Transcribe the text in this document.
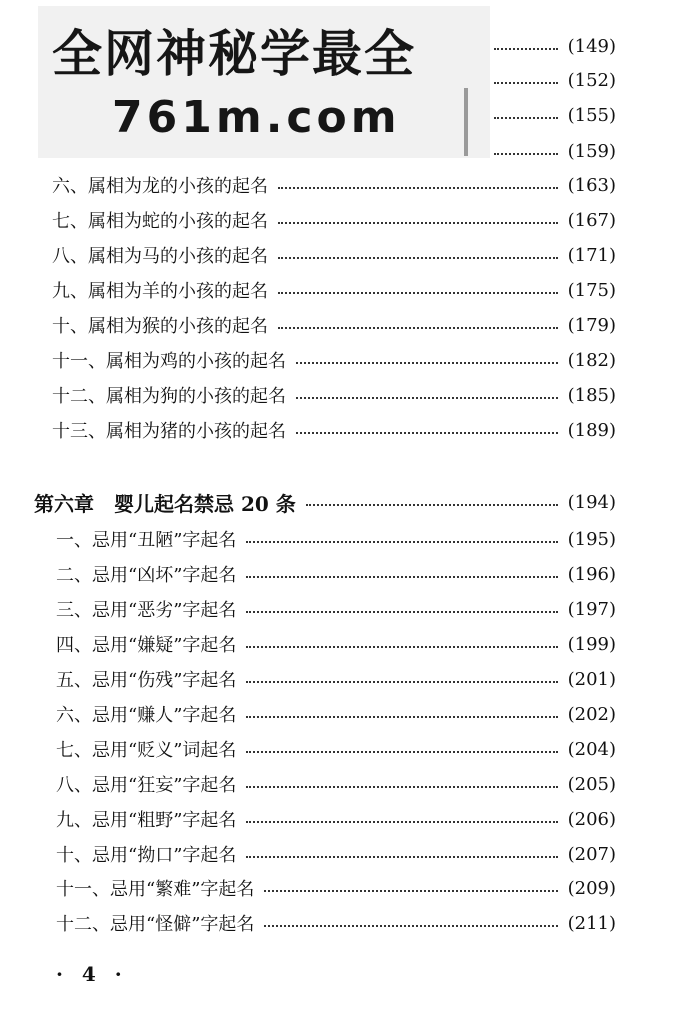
全网神秘学最全
761m.com
(149)
(152)
(155)
(159)
六、属相为龙的小孩的起名	(163)
七、属相为蛇的小孩的起名	(167)
八、属相为马的小孩的起名	(171)
九、属相为羊的小孩的起名	(175)
十、属相为猴的小孩的起名	(179)
十一、属相为鸡的小孩的起名	(182)
十二、属相为狗的小孩的起名	(185)
十三、属相为猪的小孩的起名	(189)
第六章　婴儿起名禁忌 20 条	(194)
一、忌用“丑陋”字起名	(195)
二、忌用“凶坏”字起名	(196)
三、忌用“恶劣”字起名	(197)
四、忌用“嫌疑”字起名	(199)
五、忌用“伤残”字起名	(201)
六、忌用“赚人”字起名	(202)
七、忌用“贬义”词起名	(204)
八、忌用“狂妄”字起名	(205)
九、忌用“粗野”字起名	(206)
十、忌用“拗口”字起名	(207)
十一、忌用“繁难”字起名	(209)
十二、忌用“怪僻”字起名	(211)
· 4 ·
